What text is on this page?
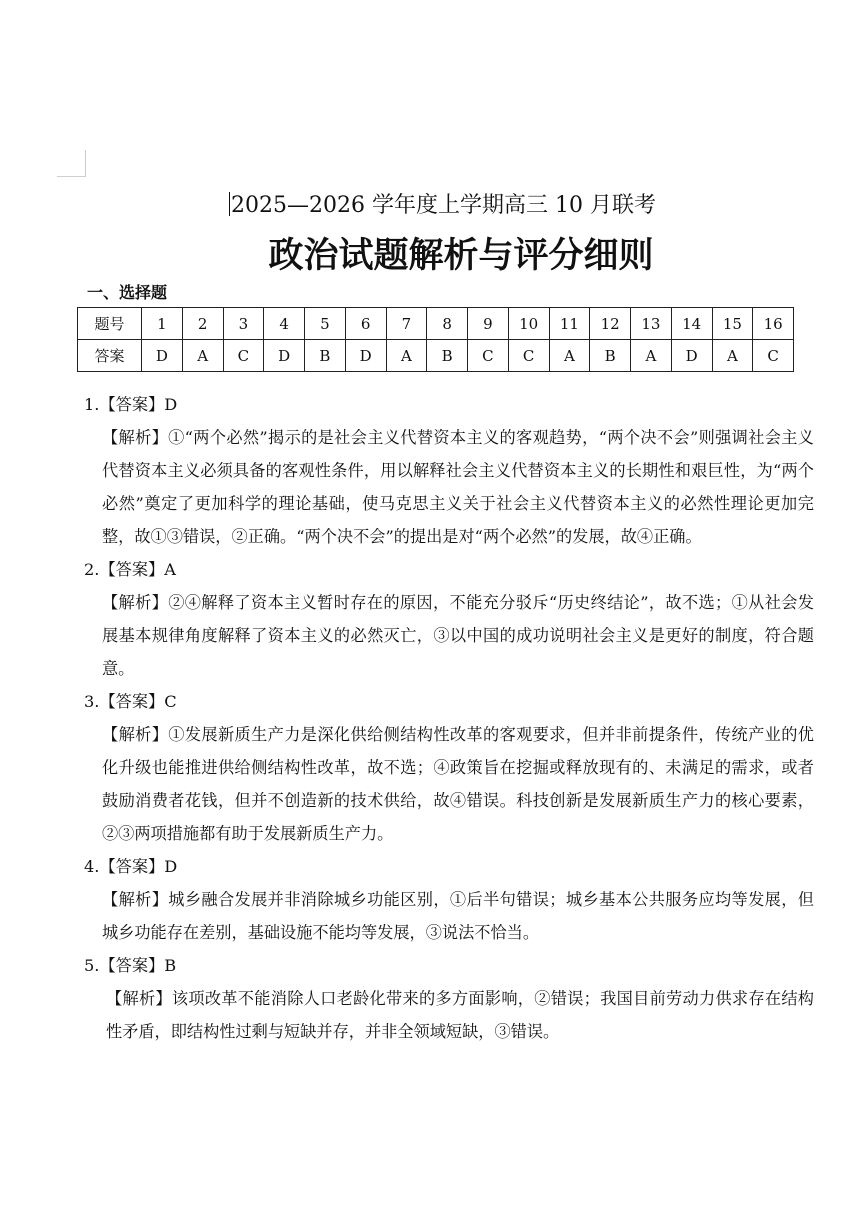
2025—2026 学年度上学期高三 10 月联考
政治试题解析与评分细则
一、选择题
题号	1	2	3	4	5	6	7	8	9	10	11	12	13	14	15	16
答案	D	A	C	D	B	D	A	B	C	C	A	B	A	D	A	C
1.【答案】D
【解析】①“两个必然”揭示的是社会主义代替资本主义的客观趋势，“两个决不会”则强调社会主义代替资本主义必须具备的客观性条件，用以解释社会主义代替资本主义的长期性和艰巨性，为“两个必然”奠定了更加科学的理论基础，使马克思主义关于社会主义代替资本主义的必然性理论更加完整，故①③错误，②正确。“两个决不会”的提出是对“两个必然”的发展，故④正确。
2.【答案】A
【解析】②④解释了资本主义暂时存在的原因，不能充分驳斥“历史终结论”，故不选；①从社会发展基本规律角度解释了资本主义的必然灭亡，③以中国的成功说明社会主义是更好的制度，符合题意。
3.【答案】C
【解析】①发展新质生产力是深化供给侧结构性改革的客观要求，但并非前提条件，传统产业的优化升级也能推进供给侧结构性改革，故不选；④政策旨在挖掘或释放现有的、未满足的需求，或者鼓励消费者花钱，但并不创造新的技术供给，故④错误。科技创新是发展新质生产力的核心要素，②③两项措施都有助于发展新质生产力。
4.【答案】D
【解析】城乡融合发展并非消除城乡功能区别，①后半句错误；城乡基本公共服务应均等发展，但城乡功能存在差别，基础设施不能均等发展，③说法不恰当。
5.【答案】B
【解析】该项改革不能消除人口老龄化带来的多方面影响，②错误；我国目前劳动力供求存在结构性矛盾，即结构性过剩与短缺并存，并非全领域短缺，③错误。
